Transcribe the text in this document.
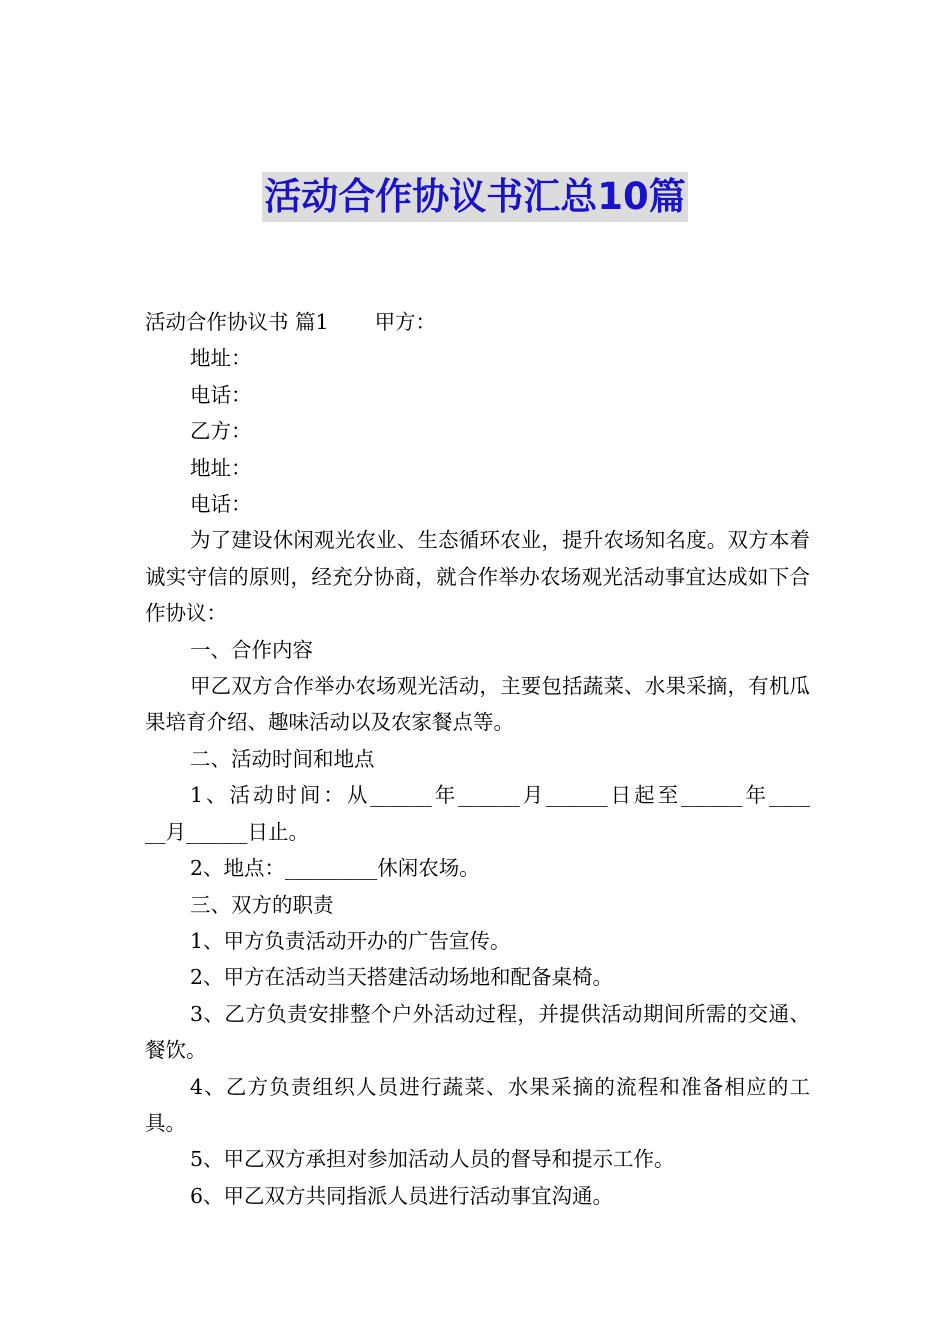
活动合作协议书汇总10篇

活动合作协议书 篇1 甲方：

地址：

电话：

乙方：

地址：

电话：

为了建设休闲观光农业、生态循环农业，提升农场知名度。双方本着诚实守信的原则，经充分协商，就合作举办农场观光活动事宜达成如下合作协议：

一、合作内容

甲乙双方合作举办农场观光活动，主要包括蔬菜、水果采摘，有机瓜果培育介绍、趣味活动以及农家餐点等。

二、活动时间和地点

1、活动时间：从______年______月______日起至______年____

__月______日止。

2、地点：_________休闲农场。

三、双方的职责

1、甲方负责活动开办的广告宣传。

2、甲方在活动当天搭建活动场地和配备桌椅。

3、乙方负责安排整个户外活动过程，并提供活动期间所需的交通、餐饮。

4、乙方负责组织人员进行蔬菜、水果采摘的流程和准备相应的工具。

5、甲乙双方承担对参加活动人员的督导和提示工作。

6、甲乙双方共同指派人员进行活动事宜沟通。
